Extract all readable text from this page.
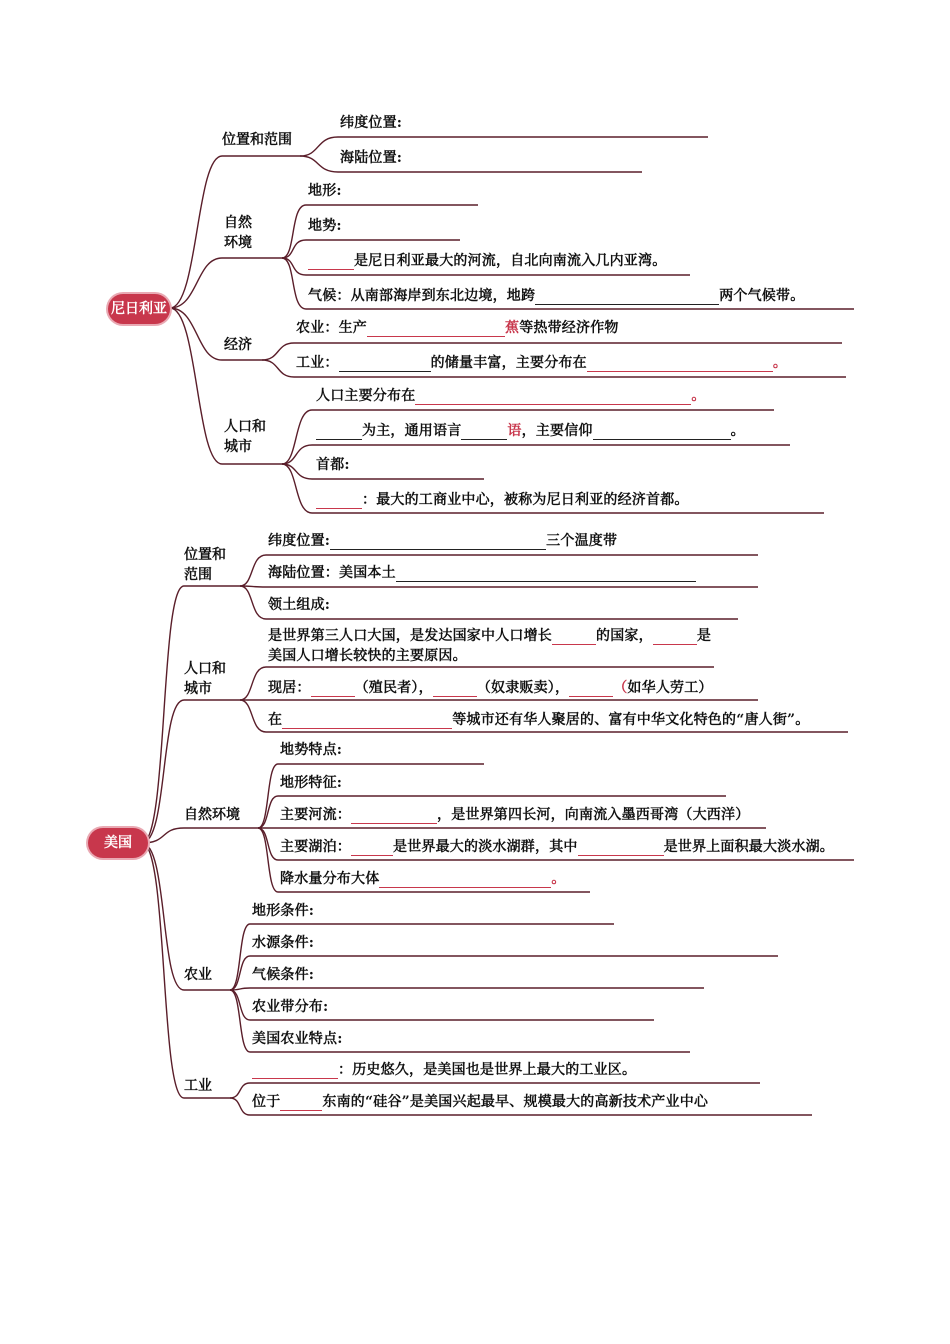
尼日利亚
位置和范围
纬度位置:
海陆位置:
自然
环境
地形:
地势:
是尼日利亚最大的河流，自北向南流入几内亚湾。
气候：从南部海岸到东北边境，地跨	两个气候带。
经济
农业：生产	蕉等热带经济作物
工业：	的储量丰富，主要分布在	。
人口和
城市
人口主要分布在	。
为主，通用语言	语，主要信仰	。
首都:
：最大的工商业中心，被称为尼日利亚的经济首都。
美国
位置和
范围
纬度位置:	三个温度带
海陆位置：美国本土
领土组成:
人口和
城市
是世界第三人口大国，是发达国家中人口增长	的国家，	是
美国人口增长较快的主要原因。
现居：	（殖民者），	（奴隶贩卖），	（如华人劳工）
在	等城市还有华人聚居的、富有中华文化特色的“唐人街”。
自然环境
地势特点:
地形特征:
主要河流：	，是世界第四长河，向南流入墨西哥湾（大西洋）
主要湖泊：	是世界最大的淡水湖群，其中	是世界上面积最大淡水湖。
降水量分布大体	。
农业
地形条件:
水源条件:
气候条件:
农业带分布:
美国农业特点:
工业
：历史悠久，是美国也是世界上最大的工业区。
位于	东南的“硅谷”是美国兴起最早、规模最大的高新技术产业中心
